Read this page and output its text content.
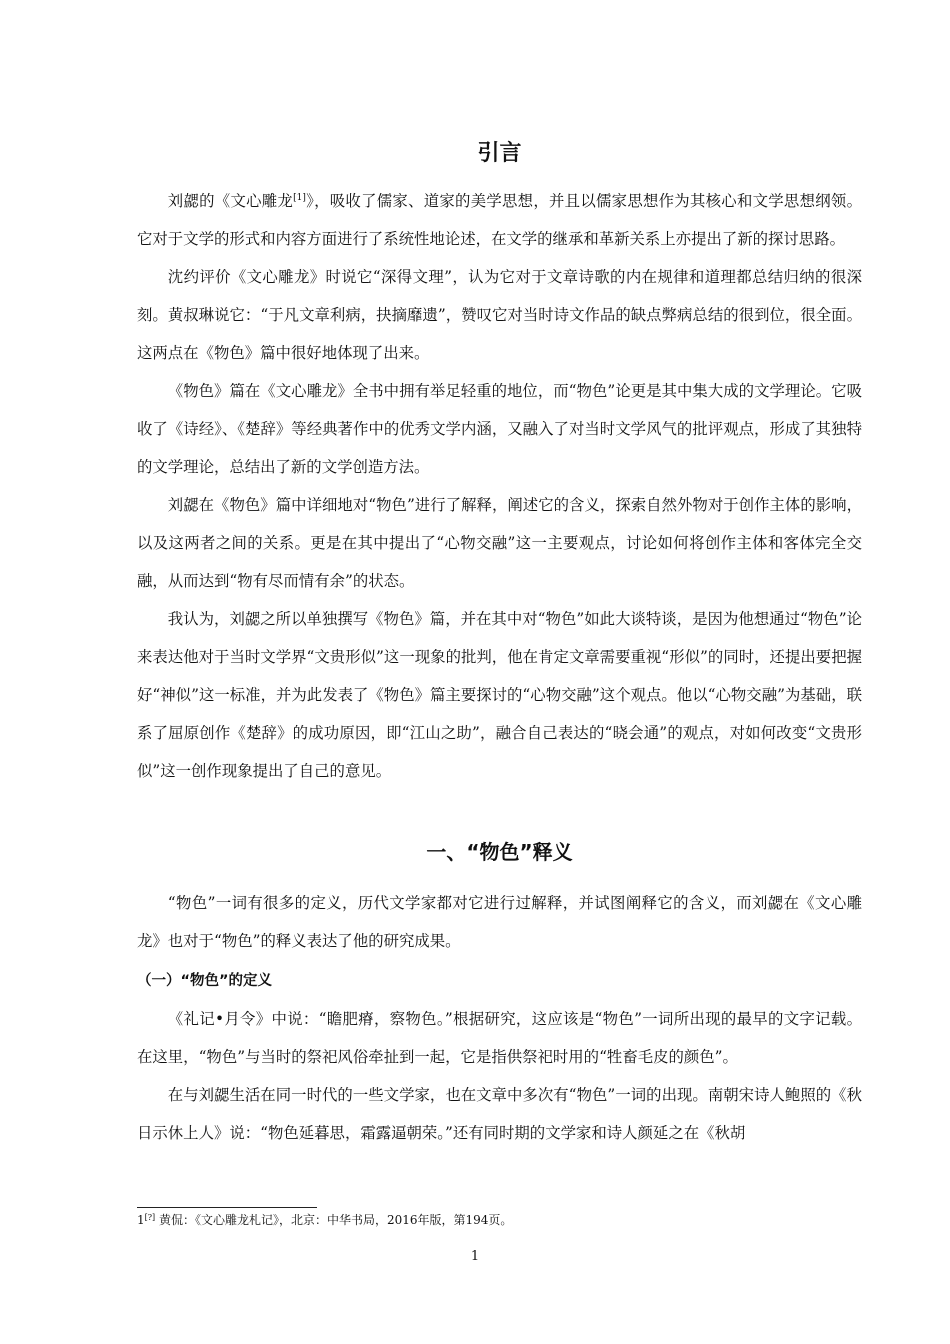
引言

刘勰的《文心雕龙[1]》，吸收了儒家、道家的美学思想，并且以儒家思想作为其核心和文学思想纲领。它对于文学的形式和内容方面进行了系统性地论述，在文学的继承和革新关系上亦提出了新的探讨思路。

沈约评价《文心雕龙》时说它“深得文理”，认为它对于文章诗歌的内在规律和道理都总结归纳的很深刻。黄叔琳说它：“于凡文章利病，抉摘靡遗”，赞叹它对当时诗文作品的缺点弊病总结的很到位，很全面。这两点在《物色》篇中很好地体现了出来。

《物色》篇在《文心雕龙》全书中拥有举足轻重的地位，而“物色”论更是其中集大成的文学理论。它吸收了《诗经》、《楚辞》等经典著作中的优秀文学内涵，又融入了对当时文学风气的批评观点，形成了其独特的文学理论，总结出了新的文学创造方法。

刘勰在《物色》篇中详细地对“物色”进行了解释，阐述它的含义，探索自然外物对于创作主体的影响，以及这两者之间的关系。更是在其中提出了“心物交融”这一主要观点，讨论如何将创作主体和客体完全交融，从而达到“物有尽而情有余”的状态。

我认为，刘勰之所以单独撰写《物色》篇，并在其中对“物色”如此大谈特谈，是因为他想通过“物色”论来表达他对于当时文学界“文贵形似”这一现象的批判，他在肯定文章需要重视“形似”的同时，还提出要把握好“神似”这一标准，并为此发表了《物色》篇主要探讨的“心物交融”这个观点。他以“心物交融”为基础，联系了屈原创作《楚辞》的成功原因，即“江山之助”，融合自己表达的“晓会通”的观点，对如何改变“文贵形似”这一创作现象提出了自己的意见。

一、“物色”释义

“物色”一词有很多的定义，历代文学家都对它进行过解释，并试图阐释它的含义，而刘勰在《文心雕龙》也对于“物色”的释义表达了他的研究成果。

（一）“物色”的定义

《礼记•月令》中说：“瞻肥瘠，察物色。”根据研究，这应该是“物色”一词所出现的最早的文字记载。在这里，“物色”与当时的祭祀风俗牵扯到一起，它是指供祭祀时用的“牲畜毛皮的颜色”。

在与刘勰生活在同一时代的一些文学家，也在文章中多次有“物色”一词的出现。南朝宋诗人鲍照的《秋日示休上人》说：“物色延暮思，霜露逼朝荣。”还有同时期的文学家和诗人颜延之在《秋胡

1[?] 黄侃：《文心雕龙札记》，北京：中华书局，2016年版，第194页。
1
